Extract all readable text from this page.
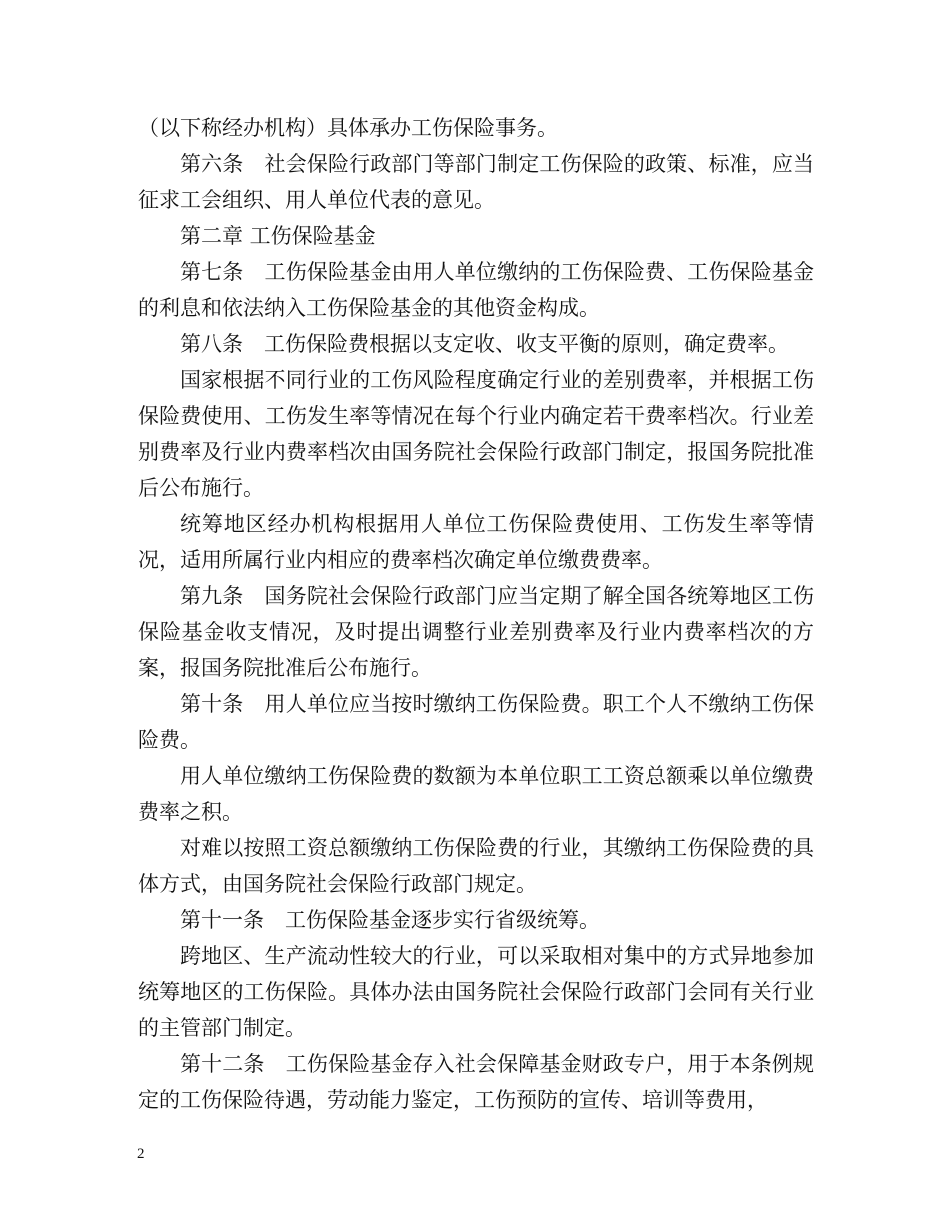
（以下称经办机构）具体承办工伤保险事务。

第六条　社会保险行政部门等部门制定工伤保险的政策、标准，应当征求工会组织、用人单位代表的意见。

第二章 工伤保险基金

第七条　工伤保险基金由用人单位缴纳的工伤保险费、工伤保险基金的利息和依法纳入工伤保险基金的其他资金构成。

第八条　工伤保险费根据以支定收、收支平衡的原则，确定费率。

国家根据不同行业的工伤风险程度确定行业的差别费率，并根据工伤保险费使用、工伤发生率等情况在每个行业内确定若干费率档次。行业差别费率及行业内费率档次由国务院社会保险行政部门制定，报国务院批准后公布施行。

统筹地区经办机构根据用人单位工伤保险费使用、工伤发生率等情况，适用所属行业内相应的费率档次确定单位缴费费率。

第九条　国务院社会保险行政部门应当定期了解全国各统筹地区工伤保险基金收支情况，及时提出调整行业差别费率及行业内费率档次的方案，报国务院批准后公布施行。

第十条　用人单位应当按时缴纳工伤保险费。职工个人不缴纳工伤保险费。

用人单位缴纳工伤保险费的数额为本单位职工工资总额乘以单位缴费费率之积。

对难以按照工资总额缴纳工伤保险费的行业，其缴纳工伤保险费的具体方式，由国务院社会保险行政部门规定。

第十一条　工伤保险基金逐步实行省级统筹。

跨地区、生产流动性较大的行业，可以采取相对集中的方式异地参加统筹地区的工伤保险。具体办法由国务院社会保险行政部门会同有关行业的主管部门制定。

第十二条　工伤保险基金存入社会保障基金财政专户，用于本条例规定的工伤保险待遇，劳动能力鉴定，工伤预防的宣传、培训等费用，

2
